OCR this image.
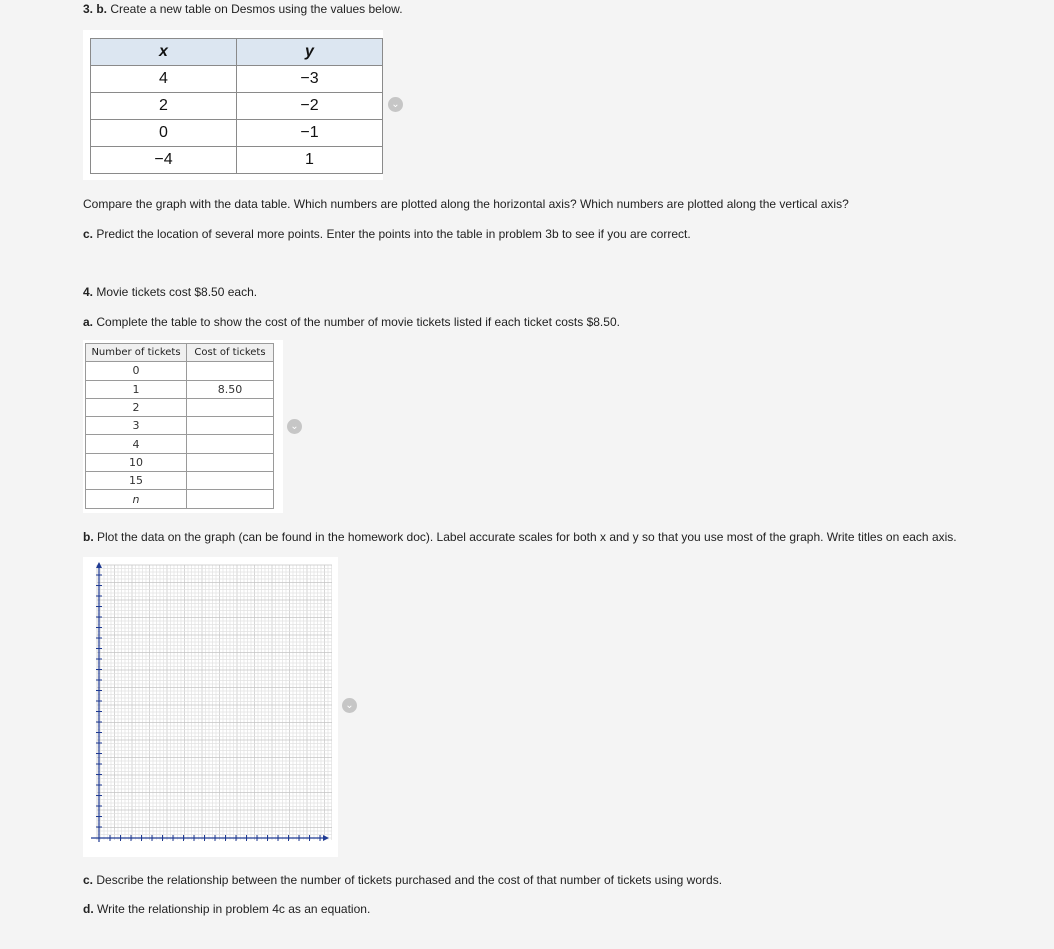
3. b. Create a new table on Desmos using the values below.
x	y
4	−3
2	−2
0	−1
−4	1
⌄
Compare the graph with the data table. Which numbers are plotted along the horizontal axis? Which numbers are plotted along the vertical axis?
c. Predict the location of several more points. Enter the points into the table in problem 3b to see if you are correct.
4. Movie tickets cost $8.50 each.
a. Complete the table to show the cost of the number of movie tickets listed if each ticket costs $8.50.
Number of tickets	Cost of tickets
0	
1	8.50
2	
3	
4	
10	
15	
n	
⌄
b. Plot the data on the graph (can be found in the homework doc). Label accurate scales for both x and y so that you use most of the graph. Write titles on each axis.
⌄
c. Describe the relationship between the number of tickets purchased and the cost of that number of tickets using words.
d. Write the relationship in problem 4c as an equation.
